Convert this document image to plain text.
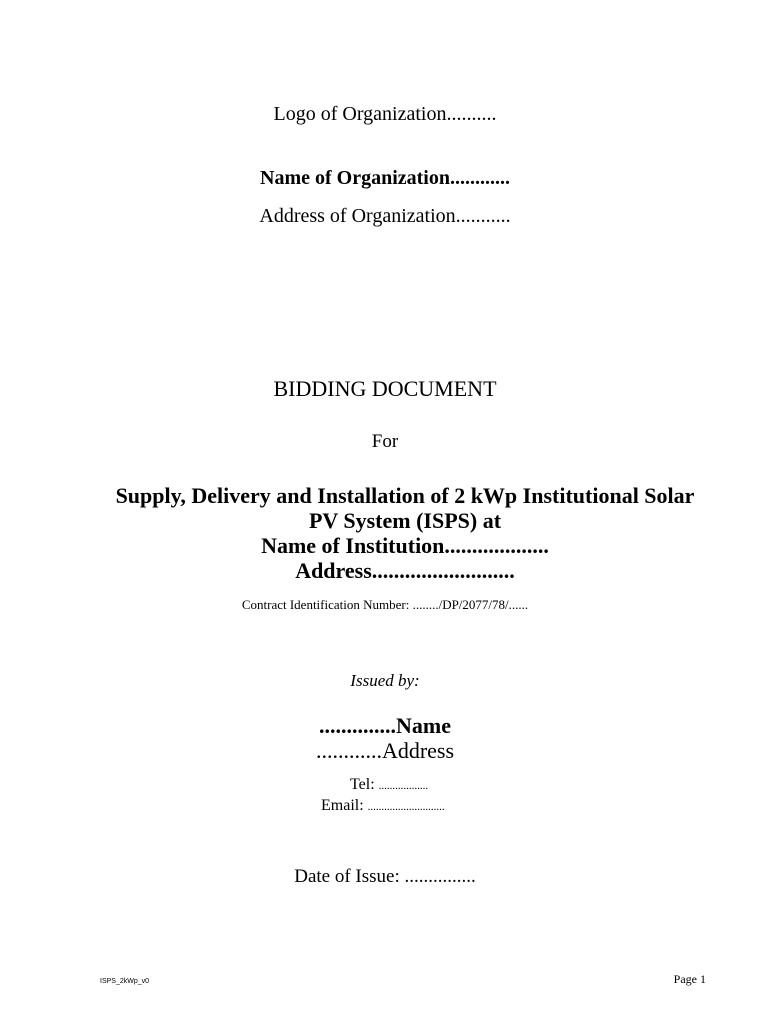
Logo of Organization..........
Name of Organization............
Address of Organization...........
BIDDING DOCUMENT
For
Supply, Delivery and Installation of 2 kWp Institutional Solar
PV System (ISPS) at
Name of Institution...................
Address..........................
Contract Identification Number: ......../DP/2077/78/......
Issued by:
..............Name
............Address
Tel: ..................
Email: ............................
Date of Issue: ...............
ISPS_2kWp_v0	Page 1
